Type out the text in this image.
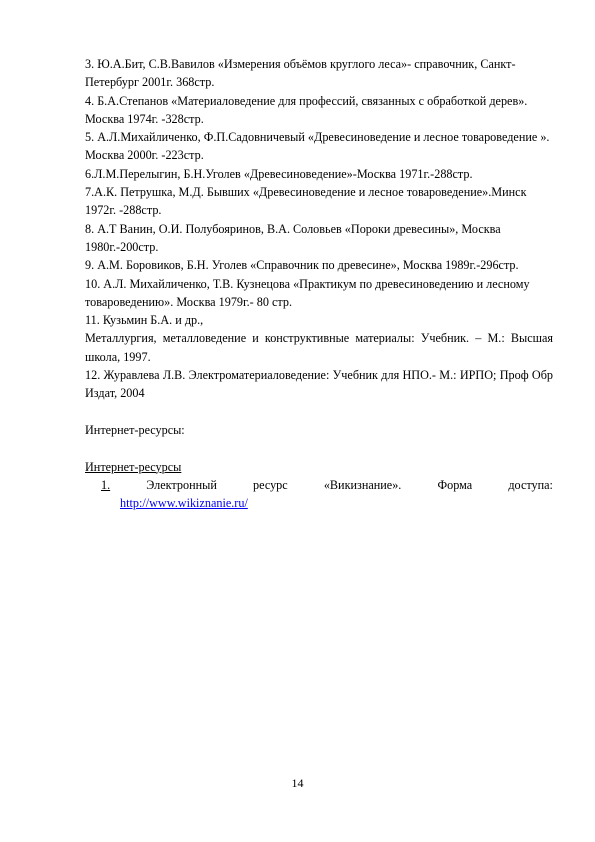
3. Ю.А.Бит, С.В.Вавилов «Измерения объёмов круглого леса»- справочник, Санкт-Петербург 2001г. 368стр.

4. Б.А.Степанов «Материаловедение для профессий, связанных с обработкой дерев». Москва 1974г. -328стр.

5. А.Л.Михайличенко, Ф.П.Садовничевый «Древесиноведение и лесное товароведение ». Москва 2000г. -223стр.

6.Л.М.Перелыгин, Б.Н.Уголев «Древесиноведение»-Москва 1971г.-288стр.

7.А.К. Петрушка, М.Д. Бывших «Древесиноведение и лесное товароведение».Минск 1972г. -288стр.

8. А.Т Ванин, О.И. Полубояринов, В.А. Соловьев «Пороки древесины», Москва 1980г.-200стр.

9. А.М. Боровиков, Б.Н. Уголев «Справочник по древесине», Москва 1989г.-296стр.

10. А.Л. Михайличенко, Т.В. Кузнецова «Практикум по древесиноведению и лесному товароведению». Москва 1979г.- 80 стр.

11. Кузьмин Б.А. и др.,

Металлургия, металловедение и конструктивные материалы: Учебник. – М.: Высшая школа, 1997.

12. Журавлева Л.В. Электроматериаловедение: Учебник для НПО.- М.: ИРПО; Проф Обр Издат, 2004

Интернет-ресурсы:

Интернет-ресурсы

1.	Электронный	ресурс	«Викизнание».	Форма	доступа:
http://www.wikiznanie.ru/
14
